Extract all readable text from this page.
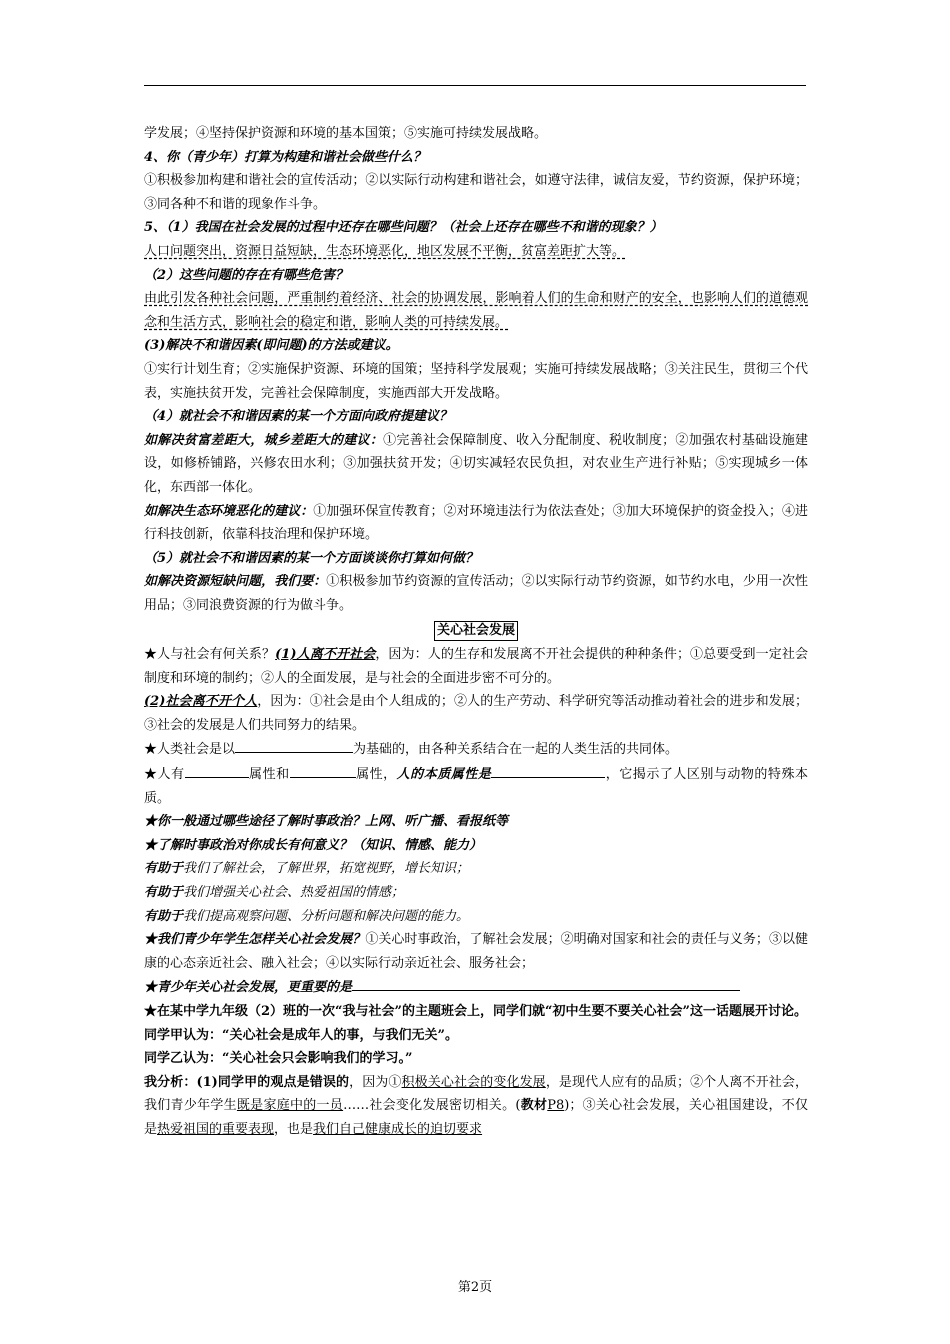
学发展；④坚持保护资源和环境的基本国策；⑤实施可持续发展战略。

4、你（青少年）打算为构建和谐社会做些什么？

①积极参加构建和谐社会的宣传活动；②以实际行动构建和谐社会，如遵守法律，诚信友爱，节约资源，保护环境；③同各种不和谐的现象作斗争。

5、（1）我国在社会发展的过程中还存在哪些问题？（社会上还存在哪些不和谐的现象？）

人口问题突出，资源日益短缺，生态环境恶化，地区发展不平衡，贫富差距扩大等。

（2）这些问题的存在有哪些危害？

由此引发各种社会问题，严重制约着经济、社会的协调发展，影响着人们的生命和财产的安全，也影响人们的道德观念和生活方式，影响社会的稳定和谐，影响人类的可持续发展。

(3)解决不和谐因素(即问题)的方法或建议。

①实行计划生育；②实施保护资源、环境的国策；坚持科学发展观；实施可持续发展战略；③关注民生，贯彻三个代表，实施扶贫开发，完善社会保障制度，实施西部大开发战略。

（4）就社会不和谐因素的某一个方面向政府提建议？

如解决贫富差距大，城乡差距大的建议：①完善社会保障制度、收入分配制度、税收制度；②加强农村基础设施建设，如修桥铺路，兴修农田水利；③加强扶贫开发；④切实减轻农民负担，对农业生产进行补贴；⑤实现城乡一体化，东西部一体化。

如解决生态环境恶化的建议：①加强环保宣传教育；②对环境违法行为依法查处；③加大环境保护的资金投入；④进行科技创新，依靠科技治理和保护环境。

（5）就社会不和谐因素的某一个方面谈谈你打算如何做？

如解决资源短缺问题，我们要：①积极参加节约资源的宣传活动；②以实际行动节约资源，如节约水电，少用一次性用品；③同浪费资源的行为做斗争。

关心社会发展

★人与社会有何关系？(1)人离不开社会，因为：人的生存和发展离不开社会提供的种种条件；①总要受到一定社会制度和环境的制约；②人的全面发展，是与社会的全面进步密不可分的。

(2)社会离不开个人，因为：①社会是由个人组成的；②人的生产劳动、科学研究等活动推动着社会的进步和发展；③社会的发展是人们共同努力的结果。

★人类社会是以	为基础的，由各种关系结合在一起的人类生活的共同体。

★人有	属性和	属性，人的本质属性是	，它揭示了人区别与动物的特殊本质。

★你一般通过哪些途径了解时事政治？上网、听广播、看报纸等

★了解时事政治对你成长有何意义？（知识、情感、能力）

有助于我们了解社会，了解世界，拓宽视野，增长知识；

有助于我们增强关心社会、热爱祖国的情感；

有助于我们提高观察问题、分析问题和解决问题的能力。

★我们青少年学生怎样关心社会发展？①关心时事政治，了解社会发展；②明确对国家和社会的责任与义务；③以健康的心态亲近社会、融入社会；④以实际行动亲近社会、服务社会；

★青少年关心社会发展，更重要的是

★在某中学九年级（2）班的一次“我与社会”的主题班会上，同学们就“初中生要不要关心社会”这一话题展开讨论。

同学甲认为：“关心社会是成年人的事，与我们无关”。

同学乙认为：“关心社会只会影响我们的学习。”

我分析：(1)同学甲的观点是错误的，因为①积极关心社会的变化发展，是现代人应有的品质；②个人离不开社会，我们青少年学生既是家庭中的一员……社会变化发展密切相关。(教材P8)；③关心社会发展，关心祖国建设，不仅是热爱祖国的重要表现，也是我们自己健康成长的迫切要求

第2页
